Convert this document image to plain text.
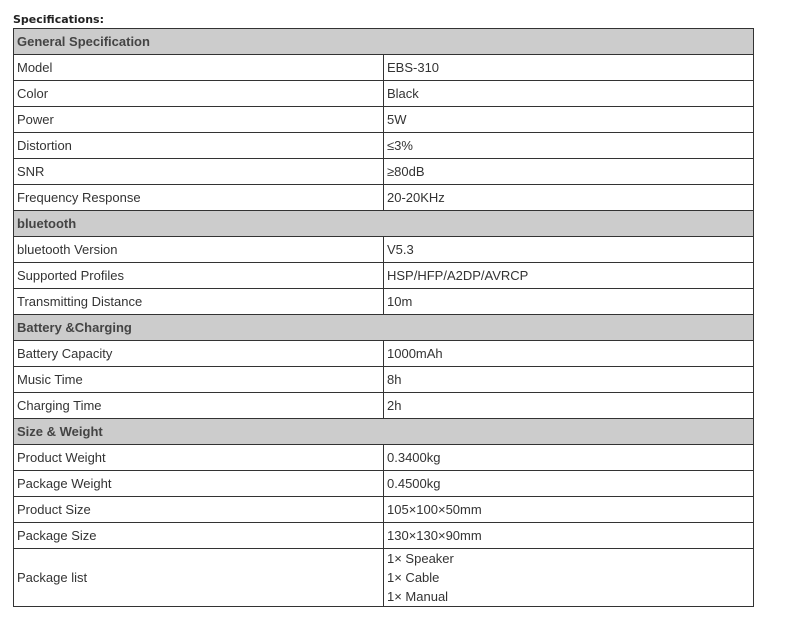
Specifications:
General Specification	
Model	EBS-310
Color	Black
Power	5W
Distortion	≤3%
SNR	≥80dB
Frequency Response	20-20KHz
bluetooth	
bluetooth Version	V5.3
Supported Profiles	HSP/HFP/A2DP/AVRCP
Transmitting Distance	10m
Battery &Charging	
Battery Capacity	1000mAh
Music Time	8h
Charging Time	2h
Size & Weight	
Product Weight	0.3400kg
Package Weight	0.4500kg
Product Size	105×100×50mm
Package Size	130×130×90mm
Package list	1× Speaker
1× Cable
1× Manual
